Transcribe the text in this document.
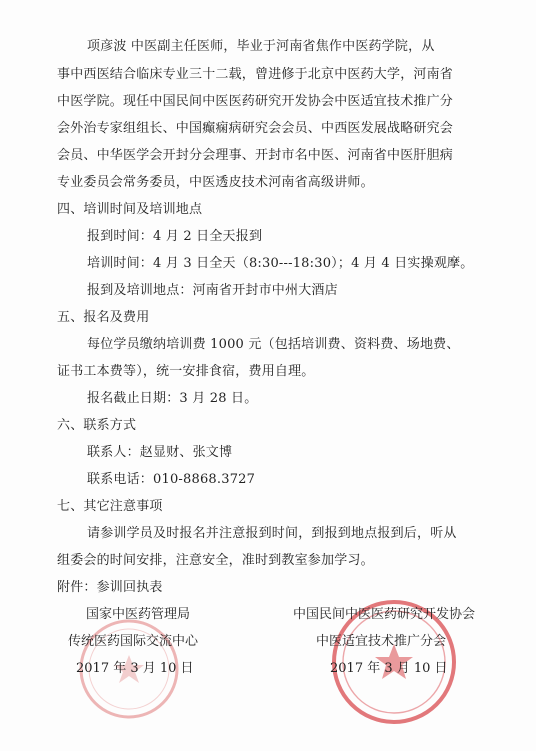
项彦波 中医副主任医师，毕业于河南省焦作中医药学院，从
事中西医结合临床专业三十二载，曾进修于北京中医药大学，河南省
中医学院。现任中国民间中医医药研究开发协会中医适宜技术推广分
会外治专家组组长、中国癫痫病研究会会员、中西医发展战略研究会
会员、中华医学会开封分会理事、开封市名中医、河南省中医肝胆病
专业委员会常务委员，中医透皮技术河南省高级讲师。
四、培训时间及培训地点
报到时间：4 月 2 日全天报到
培训时间：4 月 3 日全天（8:30---18:30）；4 月 4 日实操观摩。
报到及培训地点：河南省开封市中州大酒店
五、报名及费用
每位学员缴纳培训费 1000 元（包括培训费、资料费、场地费、
证书工本费等），统一安排食宿，费用自理。
报名截止日期：3 月 28 日。
六、联系方式
联系人：赵显财、张文博
联系电话：010-8868.3727
七、其它注意事项
请参训学员及时报名并注意报到时间，到报到地点报到后，听从
组委会的时间安排，注意安全，准时到教室参加学习。
附件：参训回执表
国家中医药管理局
传统医药国际交流中心
2017 年 3 月 10 日
中国民间中医医药研究开发协会
中医适宜技术推广分会
2017 年 3 月 10 日
